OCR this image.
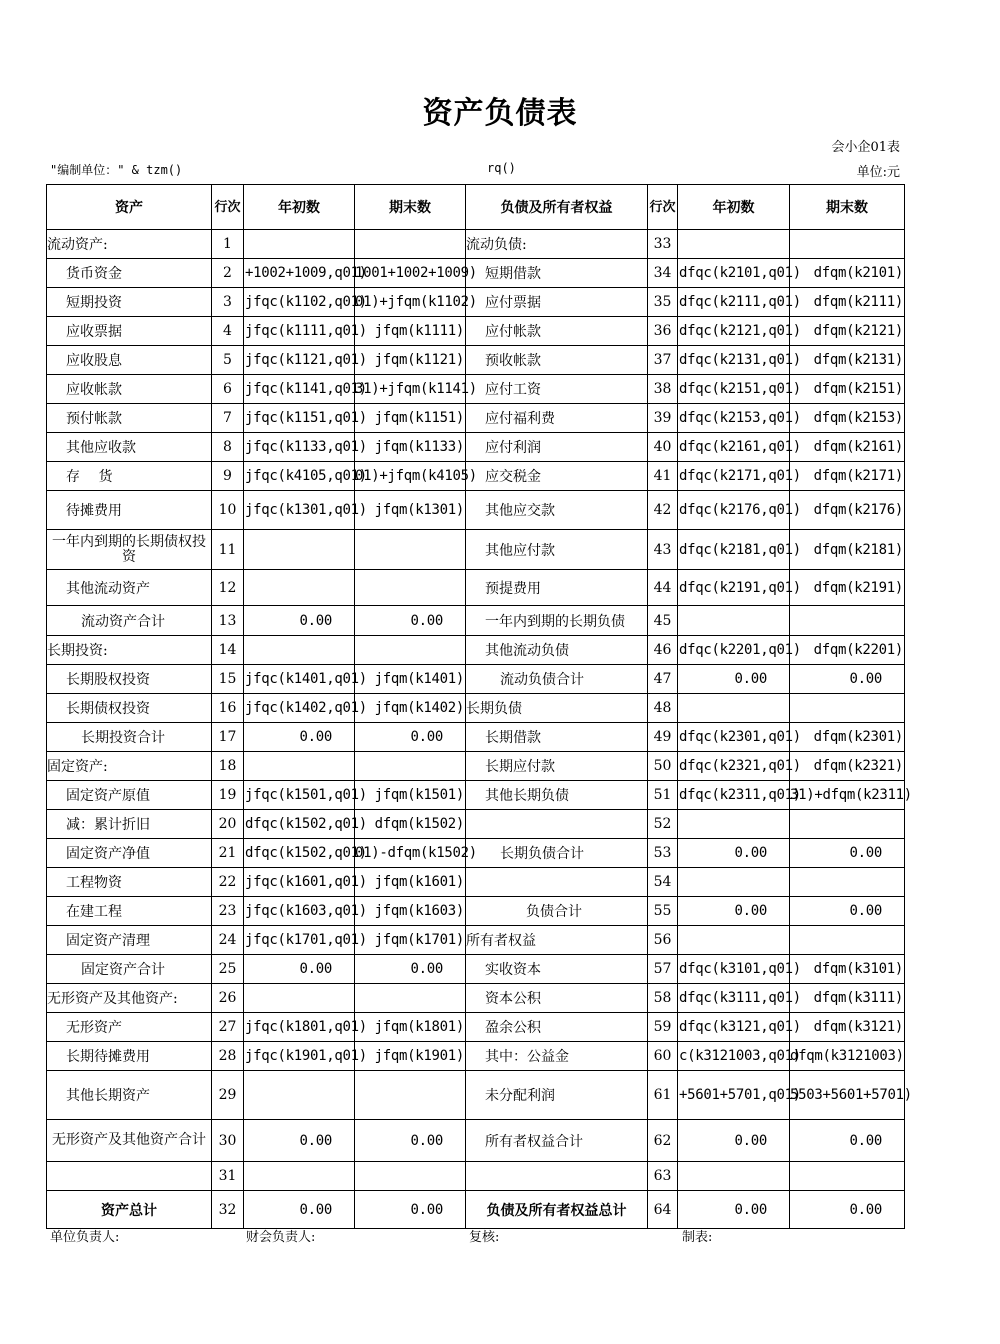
资产负债表
会小企01表
"编制单位：" & tzm()	rq()	单位:元
资产	行次	年初数	期末数	负债及所有者权益	行次	年初数	期末数
流动资产:	1			流动负债:	33		
货币资金	2	+1002+1009,q01)	1001+1002+1009)	短期借款	34	dfqc(k2101,q01)	dfqm(k2101)
短期投资	3	jfqc(k1102,q01)	01)+jfqm(k1102)	应付票据	35	dfqc(k2111,q01)	dfqm(k2111)
应收票据	4	jfqc(k1111,q01)	jfqm(k1111)	应付帐款	36	dfqc(k2121,q01)	dfqm(k2121)
应收股息	5	jfqc(k1121,q01)	jfqm(k1121)	预收帐款	37	dfqc(k2131,q01)	dfqm(k2131)
应收帐款	6	jfqc(k1141,q01)	31)+jfqm(k1141)	应付工资	38	dfqc(k2151,q01)	dfqm(k2151)
预付帐款	7	jfqc(k1151,q01)	jfqm(k1151)	应付福利费	39	dfqc(k2153,q01)	dfqm(k2153)
其他应收款	8	jfqc(k1133,q01)	jfqm(k1133)	应付利润	40	dfqc(k2161,q01)	dfqm(k2161)
存　 货	9	jfqc(k4105,q01)	01)+jfqm(k4105)	应交税金	41	dfqc(k2171,q01)	dfqm(k2171)
待摊费用	10	jfqc(k1301,q01)	jfqm(k1301)	其他应交款	42	dfqc(k2176,q01)	dfqm(k2176)
一年内到期的长期债权投资	11			其他应付款	43	dfqc(k2181,q01)	dfqm(k2181)
其他流动资产	12			预提费用	44	dfqc(k2191,q01)	dfqm(k2191)
流动资产合计	13	0.00	0.00	一年内到期的长期负债	45		
长期投资:	14			其他流动负债	46	dfqc(k2201,q01)	dfqm(k2201)
长期股权投资	15	jfqc(k1401,q01)	jfqm(k1401)	流动负债合计	47	0.00	0.00
长期债权投资	16	jfqc(k1402,q01)	jfqm(k1402)	长期负债	48		
长期投资合计	17	0.00	0.00	长期借款	49	dfqc(k2301,q01)	dfqm(k2301)
固定资产:	18			长期应付款	50	dfqc(k2321,q01)	dfqm(k2321)
固定资产原值	19	jfqc(k1501,q01)	jfqm(k1501)	其他长期负债	51	dfqc(k2311,q01)	31)+dfqm(k2311)
减：累计折旧	20	dfqc(k1502,q01)	dfqm(k1502)		52		
固定资产净值	21	dfqc(k1502,q01)	01)-dfqm(k1502)	长期负债合计	53	0.00	0.00
工程物资	22	jfqc(k1601,q01)	jfqm(k1601)		54		
在建工程	23	jfqc(k1603,q01)	jfqm(k1603)	负债合计	55	0.00	0.00
固定资产清理	24	jfqc(k1701,q01)	jfqm(k1701)	所有者权益	56		
固定资产合计	25	0.00	0.00	实收资本	57	dfqc(k3101,q01)	dfqm(k3101)
无形资产及其他资产:	26			资本公积	58	dfqc(k3111,q01)	dfqm(k3111)
无形资产	27	jfqc(k1801,q01)	jfqm(k1801)	盈余公积	59	dfqc(k3121,q01)	dfqm(k3121)
长期待摊费用	28	jfqc(k1901,q01)	jfqm(k1901)	其中：公益金	60	c(k3121003,q01)	dfqm(k3121003)
其他长期资产	29			未分配利润	61	+5601+5701,q01)	5503+5601+5701)
无形资产及其他资产合计	30	0.00	0.00	所有者权益合计	62	0.00	0.00
	31				63		
资产总计	32	0.00	0.00	负债及所有者权益总计	64	0.00	0.00
单位负责人:	财会负责人:	复核:	制表:
